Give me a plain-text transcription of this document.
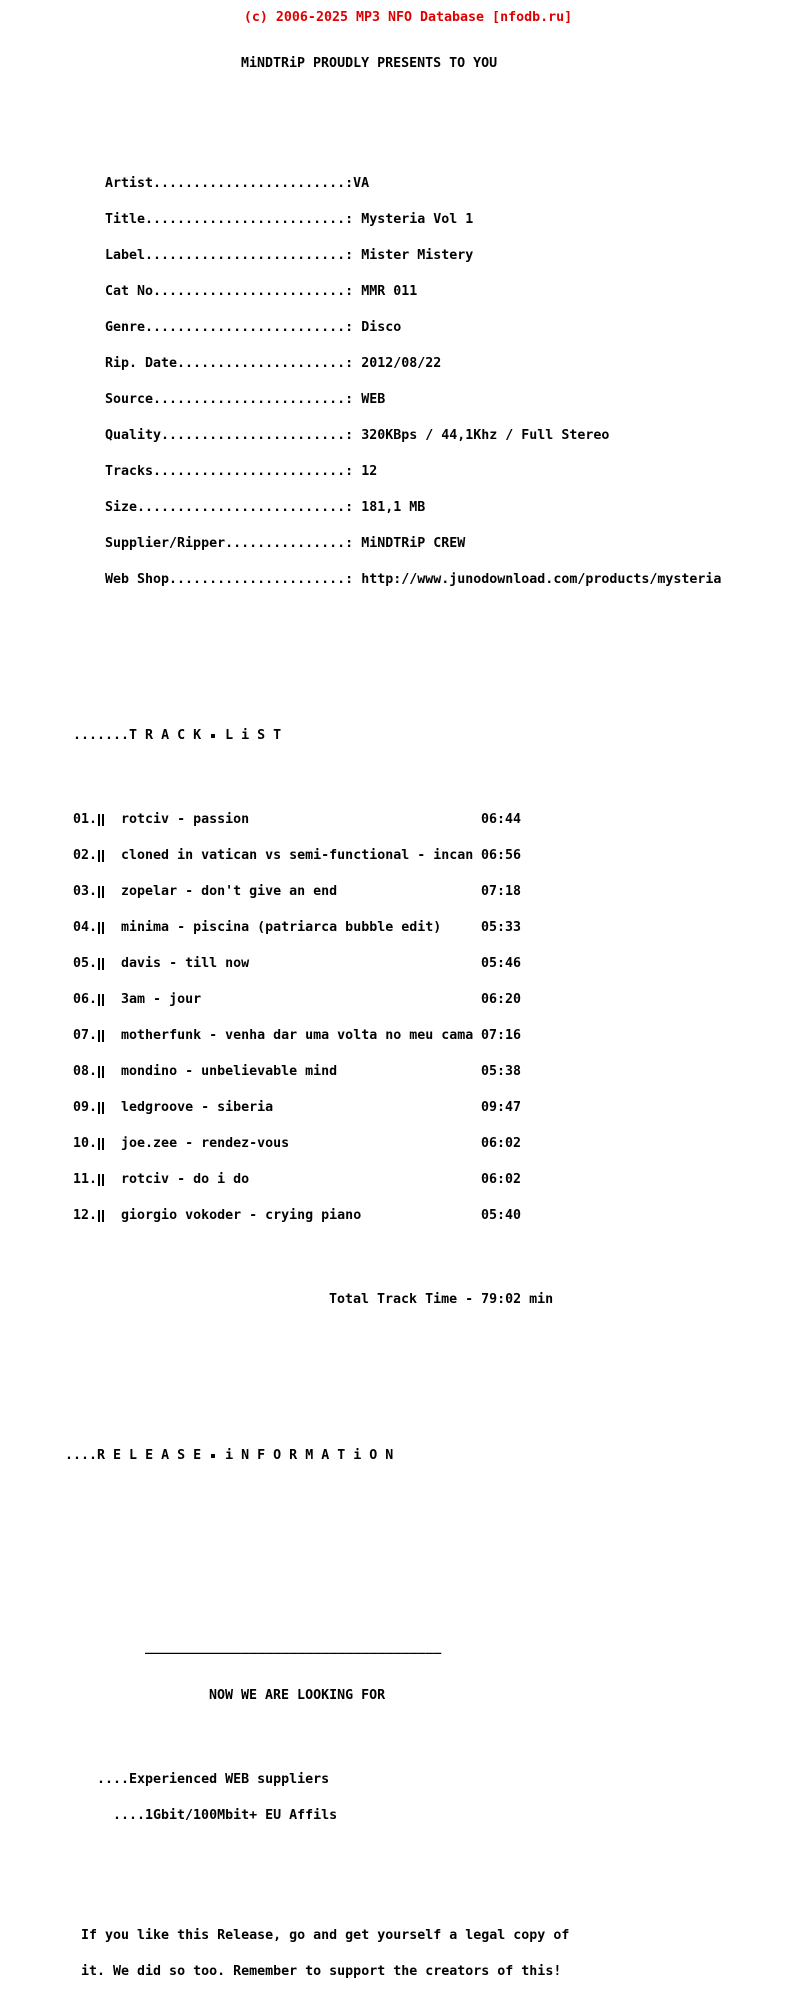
(c) 2006-2025 MP3 NFO Database [nfodb.ru]

MiNDTRiP PROUDLY PRESENTS TO YOU

Artist........................: VA

Title.........................: Mysteria Vol 1

Label.........................: Mister Mistery

Cat No........................: MMR 011

Genre.........................: Disco

Rip. Date.....................: 2012/08/22

Source........................: WEB

Quality.......................: 320KBps / 44,1Khz / Full Stereo

Tracks........................: 12

Size..........................: 181,1 MB

Supplier/Ripper...............: MiNDTRiP CREW

Web Shop......................: http://www.junodownload.com/products/mysteria

.......T R A C K L i S T

01. rotciv - passion	06:44

02. cloned in vatican vs semi-functional - incan 06:56

03. zopelar - don't give an end	07:18

04. minima - piscina (patriarca bubble edit)	05:33

05. davis - till now	05:46

06. 3am - jour	06:20

07. motherfunk - venha dar uma volta no meu cama 07:16

08. mondino - unbelievable mind	05:38

09. ledgroove - siberia	09:47

10. joe.zee - rendez-vous	06:02

11. rotciv - do i do	06:02

12. giorgio vokoder - crying piano	05:40

Total Track Time - 79:02 min

....R E L E A S E i N F O R M A T i O N

_____________________________________

NOW WE ARE LOOKING FOR

....Experienced WEB suppliers

....1Gbit/100Mbit+ EU Affils

If you like this Release, go and get yourself a legal copy of

it. We did so too. Remember to support the creators of this!
